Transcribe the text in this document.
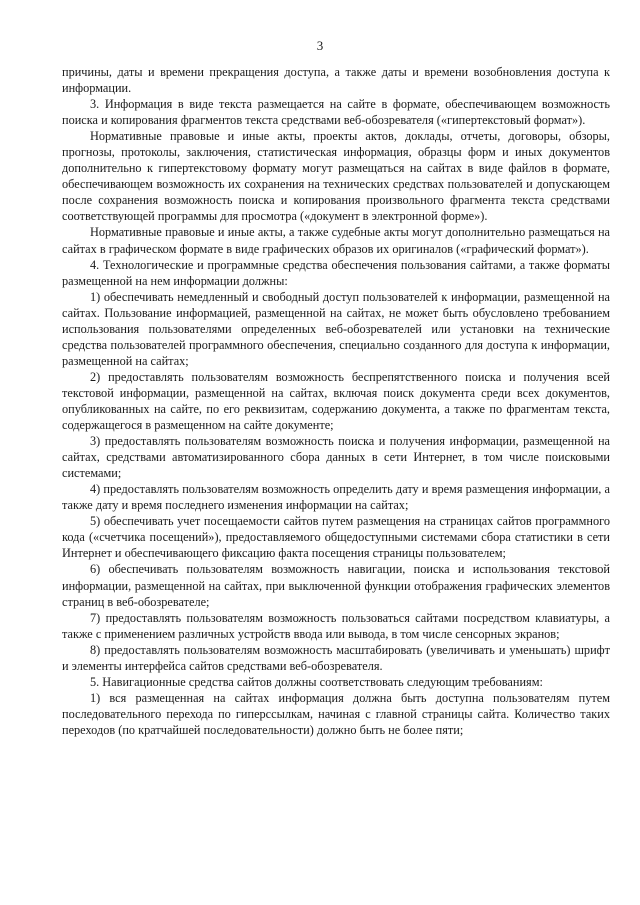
3

причины, даты и времени прекращения доступа, а также даты и времени возобновления доступа к информации.

3. Информация в виде текста размещается на сайте в формате, обеспечивающем возможность поиска и копирования фрагментов текста средствами веб-обозревателя («гипертекстовый формат»).

Нормативные правовые и иные акты, проекты актов, доклады, отчеты, договоры, обзоры, прогнозы, протоколы, заключения, статистическая информация, образцы форм и иных документов дополнительно к гипертекстовому формату могут размещаться на сайтах в виде файлов в формате, обеспечивающем возможность их сохранения на технических средствах пользователей и допускающем после сохранения возможность поиска и копирования произвольного фрагмента текста средствами соответствующей программы для просмотра («документ в электронной форме»).

Нормативные правовые и иные акты, а также судебные акты могут дополнительно размещаться на сайтах в графическом формате в виде графических образов их оригиналов («графический формат»).

4. Технологические и программные средства обеспечения пользования сайтами, а также форматы размещенной на нем информации должны:

1) обеспечивать немедленный и свободный доступ пользователей к информации, размещенной на сайтах. Пользование информацией, размещенной на сайтах, не может быть обусловлено требованием использования пользователями определенных веб-обозревателей или установки на технические средства пользователей программного обеспечения, специально созданного для доступа к информации, размещенной на сайтах;

2) предоставлять пользователям возможность беспрепятственного поиска и получения всей текстовой информации, размещенной на сайтах, включая поиск документа среди всех документов, опубликованных на сайте, по его реквизитам, содержанию документа, а также по фрагментам текста, содержащегося в размещенном на сайте документе;

3) предоставлять пользователям возможность поиска и получения информации, размещенной на сайтах, средствами автоматизированного сбора данных в сети Интернет, в том числе поисковыми системами;

4) предоставлять пользователям возможность определить дату и время размещения информации, а также дату и время последнего изменения информации на сайтах;

5) обеспечивать учет посещаемости сайтов путем размещения на страницах сайтов программного кода («счетчика посещений»), предоставляемого общедоступными системами сбора статистики в сети Интернет и обеспечивающего фиксацию факта посещения страницы пользователем;

6) обеспечивать пользователям возможность навигации, поиска и использования текстовой информации, размещенной на сайтах, при выключенной функции отображения графических элементов страниц в веб-обозревателе;

7) предоставлять пользователям возможность пользоваться сайтами посредством клавиатуры, а также с применением различных устройств ввода или вывода, в том числе сенсорных экранов;

8) предоставлять пользователям возможность масштабировать (увеличивать и уменьшать) шрифт и элементы интерфейса сайтов средствами веб-обозревателя.

5. Навигационные средства сайтов должны соответствовать следующим требованиям:

1) вся размещенная на сайтах информация должна быть доступна пользователям путем последовательного перехода по гиперссылкам, начиная с главной страницы сайта. Количество таких переходов (по кратчайшей последовательности) должно быть не более пяти;
